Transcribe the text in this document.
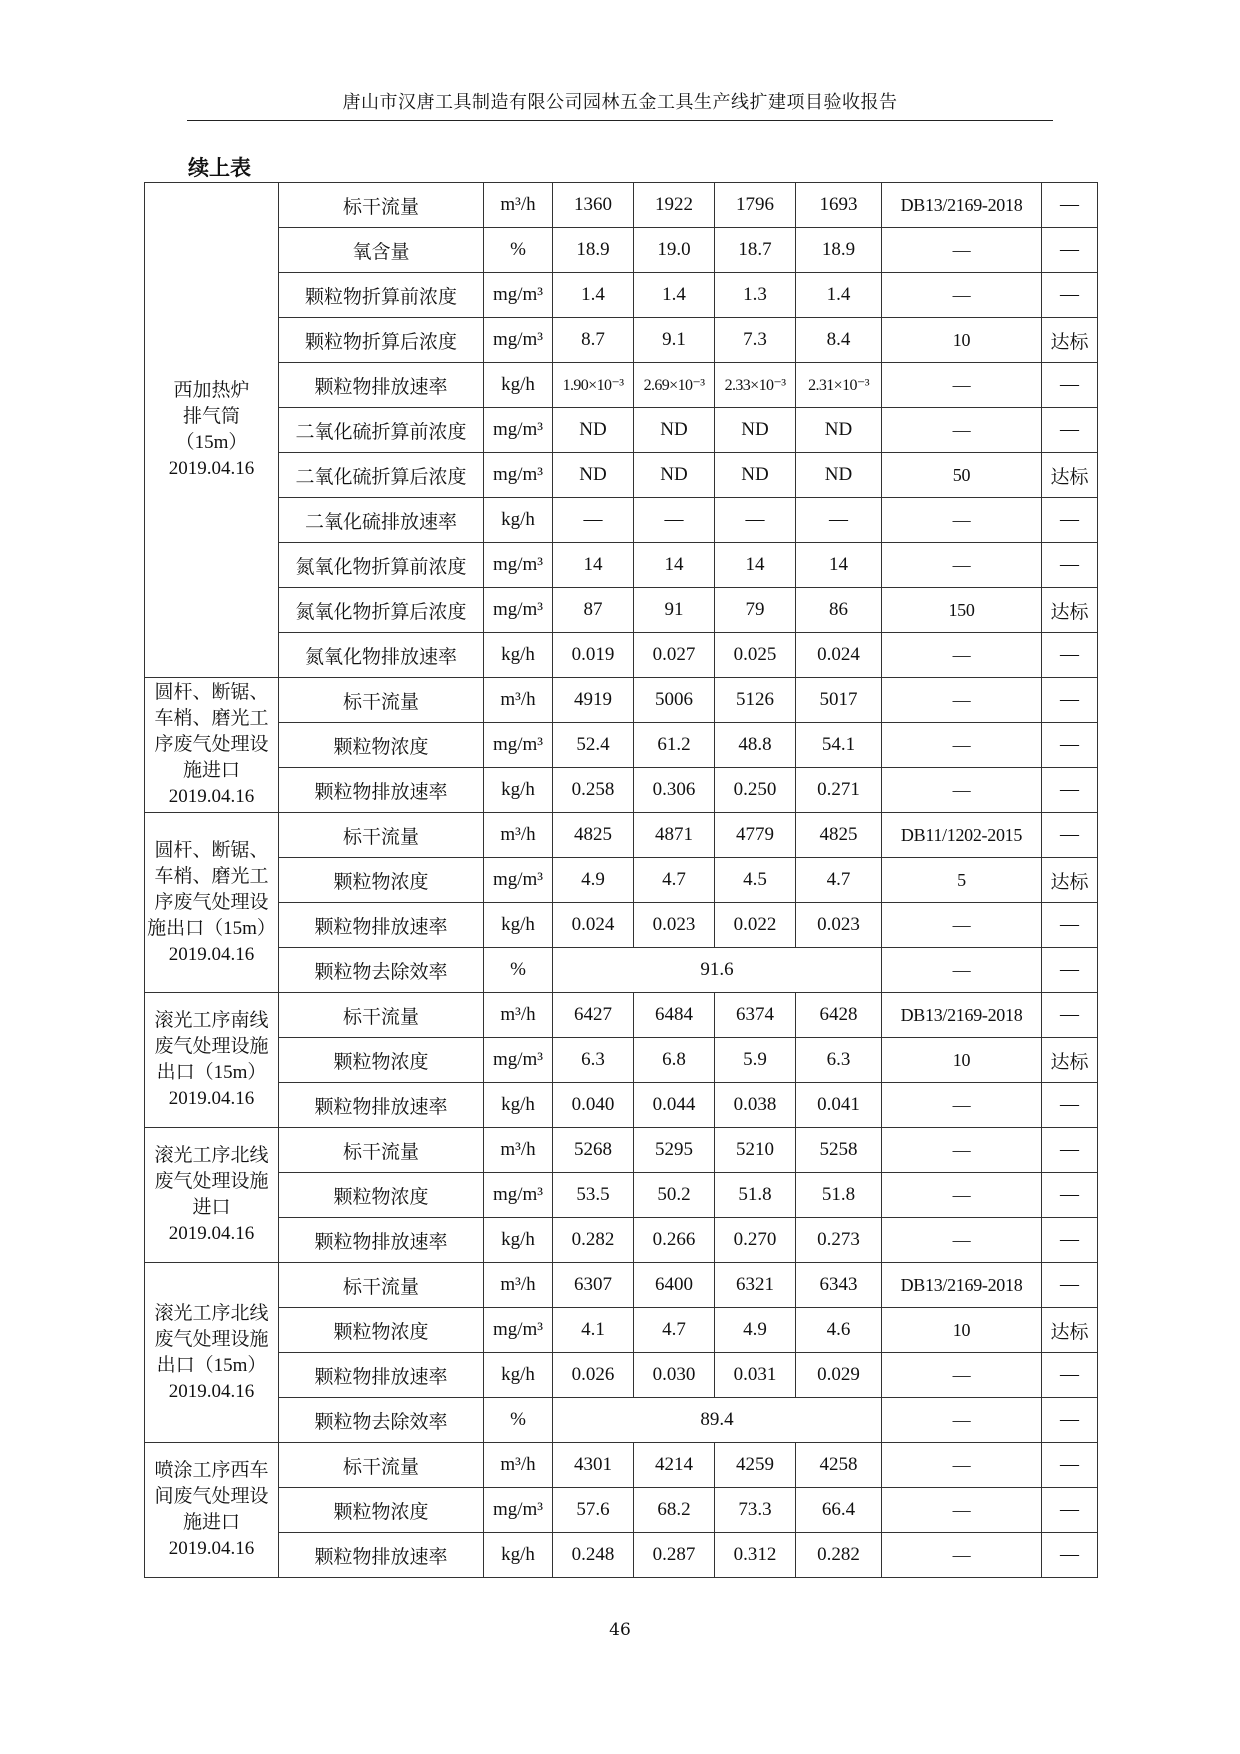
唐山市汉唐工具制造有限公司园林五金工具生产线扩建项目验收报告
续上表
西加热炉
排气筒
（15m）
2019.04.16	标干流量	m³/h	1360	1922	1796	1693	DB13/2169-2018	—
	氧含量	%	18.9	19.0	18.7	18.9	—	—
	颗粒物折算前浓度	mg/m³	1.4	1.4	1.3	1.4	—	—
	颗粒物折算后浓度	mg/m³	8.7	9.1	7.3	8.4	10	达标
	颗粒物排放速率	kg/h	1.90×10⁻³	2.69×10⁻³	2.33×10⁻³	2.31×10⁻³	—	—
	二氧化硫折算前浓度	mg/m³	ND	ND	ND	ND	—	—
	二氧化硫折算后浓度	mg/m³	ND	ND	ND	ND	50	达标
	二氧化硫排放速率	kg/h	—	—	—	—	—	—
	氮氧化物折算前浓度	mg/m³	14	14	14	14	—	—
	氮氧化物折算后浓度	mg/m³	87	91	79	86	150	达标
	氮氧化物排放速率	kg/h	0.019	0.027	0.025	0.024	—	—

圆杆、断锯、
车梢、磨光工
序废气处理设
施进口
2019.04.16	标干流量	m³/h	4919	5006	5126	5017	—	—
	颗粒物浓度	mg/m³	52.4	61.2	48.8	54.1	—	—
	颗粒物排放速率	kg/h	0.258	0.306	0.250	0.271	—	—

圆杆、断锯、
车梢、磨光工
序废气处理设
施出口（15m）
2019.04.16	标干流量	m³/h	4825	4871	4779	4825	DB11/1202-2015	—
	颗粒物浓度	mg/m³	4.9	4.7	4.5	4.7	5	达标
	颗粒物排放速率	kg/h	0.024	0.023	0.022	0.023	—	—
	颗粒物去除效率	%	91.6				—	—

滚光工序南线
废气处理设施
出口（15m）
2019.04.16	标干流量	m³/h	6427	6484	6374	6428	DB13/2169-2018	—
	颗粒物浓度	mg/m³	6.3	6.8	5.9	6.3	10	达标
	颗粒物排放速率	kg/h	0.040	0.044	0.038	0.041	—	—

滚光工序北线
废气处理设施
进口
2019.04.16	标干流量	m³/h	5268	5295	5210	5258	—	—
	颗粒物浓度	mg/m³	53.5	50.2	51.8	51.8	—	—
	颗粒物排放速率	kg/h	0.282	0.266	0.270	0.273	—	—

滚光工序北线
废气处理设施
出口（15m）
2019.04.16	标干流量	m³/h	6307	6400	6321	6343	DB13/2169-2018	—
	颗粒物浓度	mg/m³	4.1	4.7	4.9	4.6	10	达标
	颗粒物排放速率	kg/h	0.026	0.030	0.031	0.029	—	—
	颗粒物去除效率	%	89.4				—	—

喷涂工序西车
间废气处理设
施进口
2019.04.16	标干流量	m³/h	4301	4214	4259	4258	—	—
	颗粒物浓度	mg/m³	57.6	68.2	73.3	66.4	—	—
	颗粒物排放速率	kg/h	0.248	0.287	0.312	0.282	—	—
46
